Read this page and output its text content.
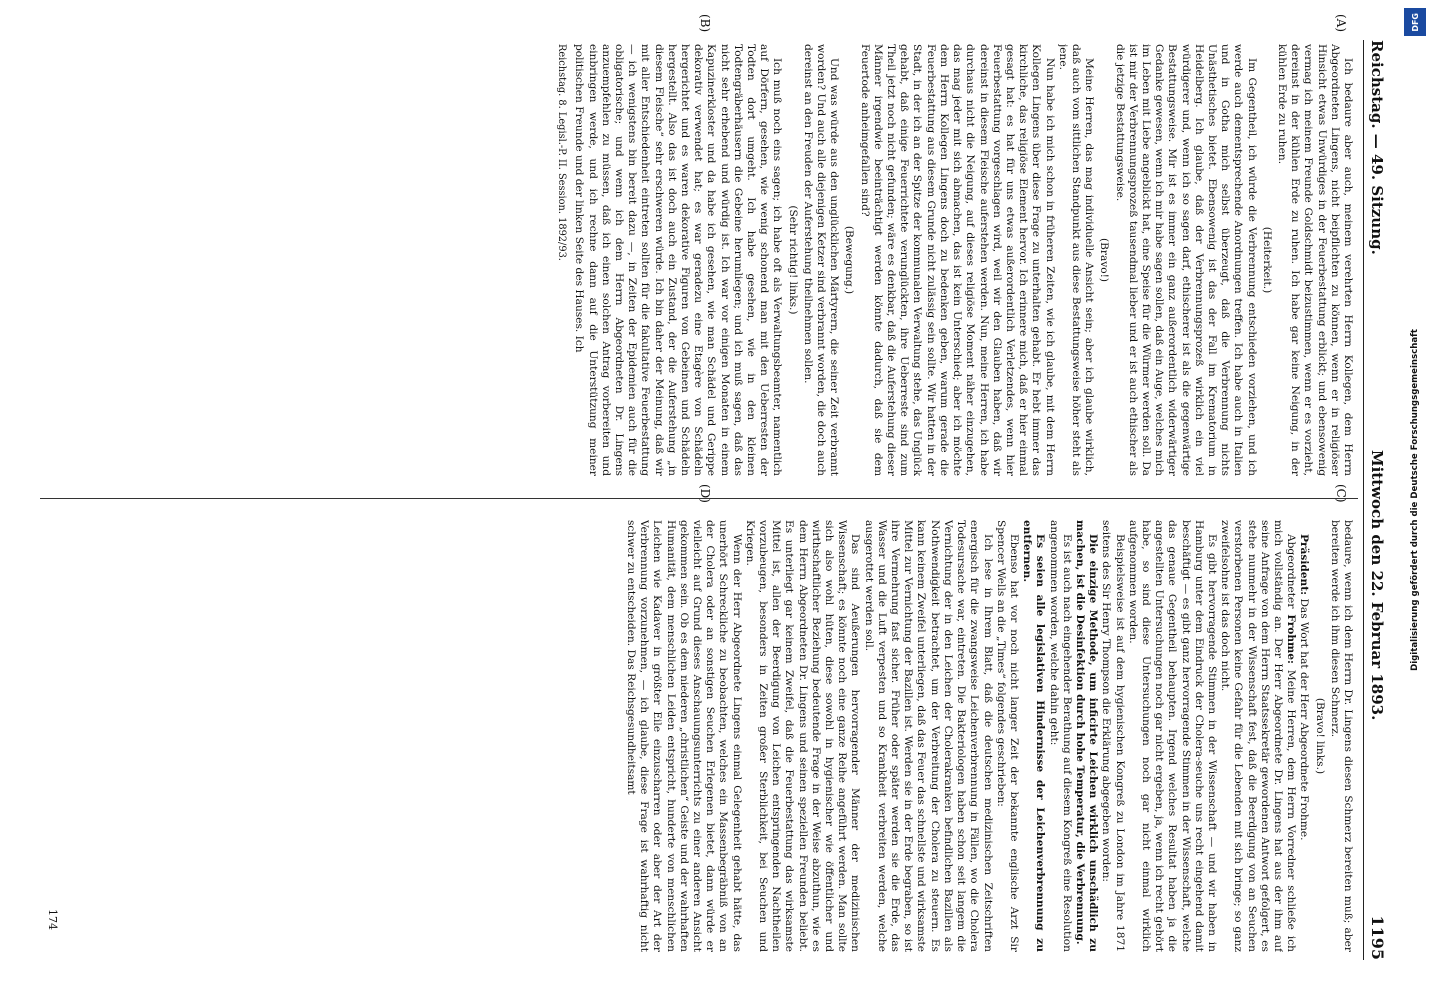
Reichstag. — 49. Sitzung.
Mittwoch den 22. Februar 1893.
1195
(A)
(B)
(C)
(D)

Ich bedaure aber auch, meinem verehrten Herrn Kollegen, dem Herrn Abgeordneten Lingens, nicht beipflichten zu können, wenn er in religiöser Hinsicht etwas Unwürdiges in der Feuerbestattung erblickt; und ebensowenig vermag ich meinem Freunde Goldschmidt beizustimmen, wenn er es vorzieht, dereinst in der kühlen Erde zu ruhen. Ich habe gar keine Neigung, in der kühlen Erde zu ruhen.

(Heiterkeit.)

Im Gegentheil, ich würde die Verbrennung entschieden vorziehen, und ich werde auch dementsprechende Anordnungen treffen. Ich habe auch in Italien und in Gotha mich selbst überzeugt, daß die Verbrennung nichts Unästhetisches bietet. Ebensowenig ist das der Fall im Krematorium in Heidelberg. Ich glaube, daß der Verbrennungsprozeß wirklich ein viel würdigerer und, wenn ich so sagen darf, ethischerer ist als die gegenwärtige Bestattungsweise. Mir ist es immer ein ganz außerordentlich widerwärtiger Gedanke gewesen, wenn ich mir habe sagen sollen, daß ein Auge, welches mich im Leben mit Liebe angeblickt hat, eine Speise für die Würmer werden soll. Da ist mir der Verbrennungsprozeß tausendmal lieber und er ist auch ethischer als die jetzige Bestattungsweise.

(Bravo!)

Meine Herren, das mag individuelle Ansicht sein; aber ich glaube wirklich, daß auch vom sittlichen Standpunkt aus diese Bestattungsweise höher steht als jene.

Nun habe ich mich schon in früheren Zeiten, wie ich glaube, mit dem Herrn Kollegen Lingens über diese Frage zu unterhalten gehabt. Er hebt immer das kirchliche, das religiöse Element hervor. Ich erinnere mich, daß er hier einmal gesagt hat: es hat für uns etwas außerordentlich Verletzendes, wenn hier Feuerbestattung vorgeschlagen wird, weil wir den Glauben haben, daß wir dereinst in diesem Fleische auferstehen werden. Nun, meine Herren, ich habe durchaus nicht die Neigung, auf dieses religiöse Moment näher einzugehen, das mag jeder mit sich abmachen, das ist kein Unterschied; aber ich möchte dem Herrn Kollegen Lingens doch zu bedenken geben, warum gerade die Feuerbestattung aus diesem Grunde nicht zulässig sein sollte. Wir hatten in der Stadt, in der ich an der Spitze der kommunalen Verwaltung stehe, das Unglück gehabt, daß einige Feuerrichtete verunglückten, ihre Ueberreste sind zum Theil jetzt noch nicht gefunden; wäre es denkbar, daß die Auferstehung dieser Männer irgendwie beeinträchtigt werden könnte dadurch, daß sie dem Feuertode anheimgefallen sind?

(Bewegung.)

Und was würde aus den unglücklichen Märtyrern, die seiner Zeit verbrannt worden? Und auch alle diejenigen Ketzer sind verbrannt worden, die doch auch dereinst an den Freuden der Auferstehung theilnehmen sollen.

(Sehr richtig! links.)

Ich muß noch eins sagen; ich habe oft als Verwaltungsbeamter, namentlich auf Dörfern, gesehen, wie wenig schonend man mit den Ueberresten der Todten dort umgeht. Ich habe gesehen, wie in den kleinen Todtengräberhäusern die Gebeine herumliegen; und ich muß sagen, daß das nicht sehr erhebend und würdig ist. Ich war vor einigen Monaten in einem Kapuzinerkloster und da habe ich gesehen, wie man Schädel und Gerippe dekorativ verwendet hat; es war geradezu eine Etagère von Schädeln hergerichtet und es waren dekorative Figuren von Gebeinen und Schädeln hergestellt. Also das ist doch auch ein Zustand, der die Auferstehung „in diesem Fleische“ sehr erschweren würde. Ich bin daher der Meinung, daß wir mit aller Entschiedenheit eintreten sollten für die fakultative Feuerbestattung — ich wenigstens bin bereit dazu —, in Zeiten der Epidemien auch für die obligatorische; und wenn ich dem Herrn Abgeordneten Dr. Lingens anzuempfehlen zu müssen, daß ich einen solchen Antrag vorbereiten und einbringen werde, und ich rechne dann auf die Unterstützung meiner politischen Freunde und der linken Seite des Hauses. Ich

Reichstag. 8. Legisl.-P. II. Session. 1892/93.

bedaure, wenn ich dem Herrn Dr. Lingens diesen Schmerz bereiten muß; aber bereiten werde ich ihm diesen Schmerz.

(Bravo! links.)

Präsident: Das Wort hat der Herr Abgeordnete Frohme.

Abgeordneter Frohme: Meine Herren, dem Herrn Vorredner schließe ich mich vollständig an. Der Herr Abgeordnete Dr. Lingens hat aus der ihm auf seine Anfrage von dem Herrn Staatssekretär gewordenen Antwort gefolgert, es stehe nunmehr in der Wissenschaft fest, daß die Beerdigung von an Seuchen verstorbenen Personen keine Gefahr für die Lebenden mit sich bringe; so ganz zweifelsohne ist das doch nicht.

Es gibt hervorragende Stimmen in der Wissenschaft — und wir haben in Hamburg unter dem Eindruck der Cholera-seuche uns recht eingehend damit beschäftigt — es gibt ganz hervorragende Stimmen in der Wissenschaft, welche das genaue Gegentheil behaupten. Irgend welches Resultat haben ja die angestellten Untersuchungen noch gar nicht ergeben, ja, wenn ich recht gehört habe, so sind diese Untersuchungen noch gar nicht einmal wirklich aufgenommen worden.

Beispielsweise ist auf dem hygienischen Kongreß zu London im Jahre 1871 seitens des Sir Henry Thompson die Erklärung abgegeben worden:

Die einzige Methode, um inficirte Leichen wirklich unschädlich zu machen, ist die Desinfektion durch hohe Temperatur, die Verbrennung.

Es ist auch nach eingehender Berathung auf diesem Kongreß eine Resolution angenommen worden, welche dahin geht:

Es seien alle legislativen Hindernisse der Leichenverbrennung zu entfernen.

Ebenso hat vor noch nicht langer Zeit der bekannte englische Arzt Sir Spencer Wells an die „Times“ folgendes geschrieben:

Ich lese in Ihrem Blatt, daß die deutschen medizinischen Zeitschriften energisch für die zwangsweise Leichenverbrennung in Fällen, wo die Cholera Todesursache war, eintreten. Die Bakteriologen haben schon seit langem die Vernichtung der in den Leichen der Cholerakranken befindlichen Bazillen als Nothwendigkeit betrachtet, um der Verbreitung der Cholera zu steuern. Es kann keinem Zweifel unterliegen, daß das Feuer das schnellste und wirksamste Mittel zur Vernichtung der Bazillen ist. Werden sie in der Erde begraben, so ist ihre Vermehrung fast sicher. Früher oder später werden sie die Erde, das Wasser und die Luft verpesten und so Krankheit verbreiten werden, welche ausgerottet werden soll.

Das sind Aeußerungen hervorragender Männer der medizinischen Wissenschaft; es könnte noch eine ganze Reihe angeführt werden. Man sollte sich also wohl hüten, diese sowohl in hygienischer wie öffentlicher und wirthschaftlicher Beziehung bedeutende Frage in der Weise abzuthun, wie es dem Herrn Abgeordneten Dr. Lingens und seinen speziellen Freunden beliebt. Es unterliegt gar keinem Zweifel, daß die Feuerbestattung das wirksamste Mittel ist, allen der Beerdigung von Leichen entspringenden Nachtheilen vorzubeugen, besonders in Zeiten großer Sterblichkeit, bei Seuchen und Kriegen.

Wenn der Herr Abgeordnete Lingens einmal Gelegenheit gehabt hätte, das unerhört Schreckliche zu beobachten, welches ein Massenbegräbniß von an der Cholera oder an sonstigen Seuchen Erlegenen bietet, dann würde er vielleicht auf Grund dieses Anschauungsunterrichts zu einer anderen Ansicht gekommen sein. Ob es dem niederen „christlichen“ Geiste und der wahrhaften Humanität, dem menschlichen Leiden entspricht, hunderte von menschlichen Leichen wie Kadaver in größter Eile einzuscharren oder aber der Art der Verbrennung vorzunehmen, — ich glaube, diese Frage ist wahrhaftig nicht schwer zu entscheiden. Das Reichsgesundheitsamt

174
DFG
Digitalisierung gefördert durch die Deutsche Forschungsgemeinschaft
